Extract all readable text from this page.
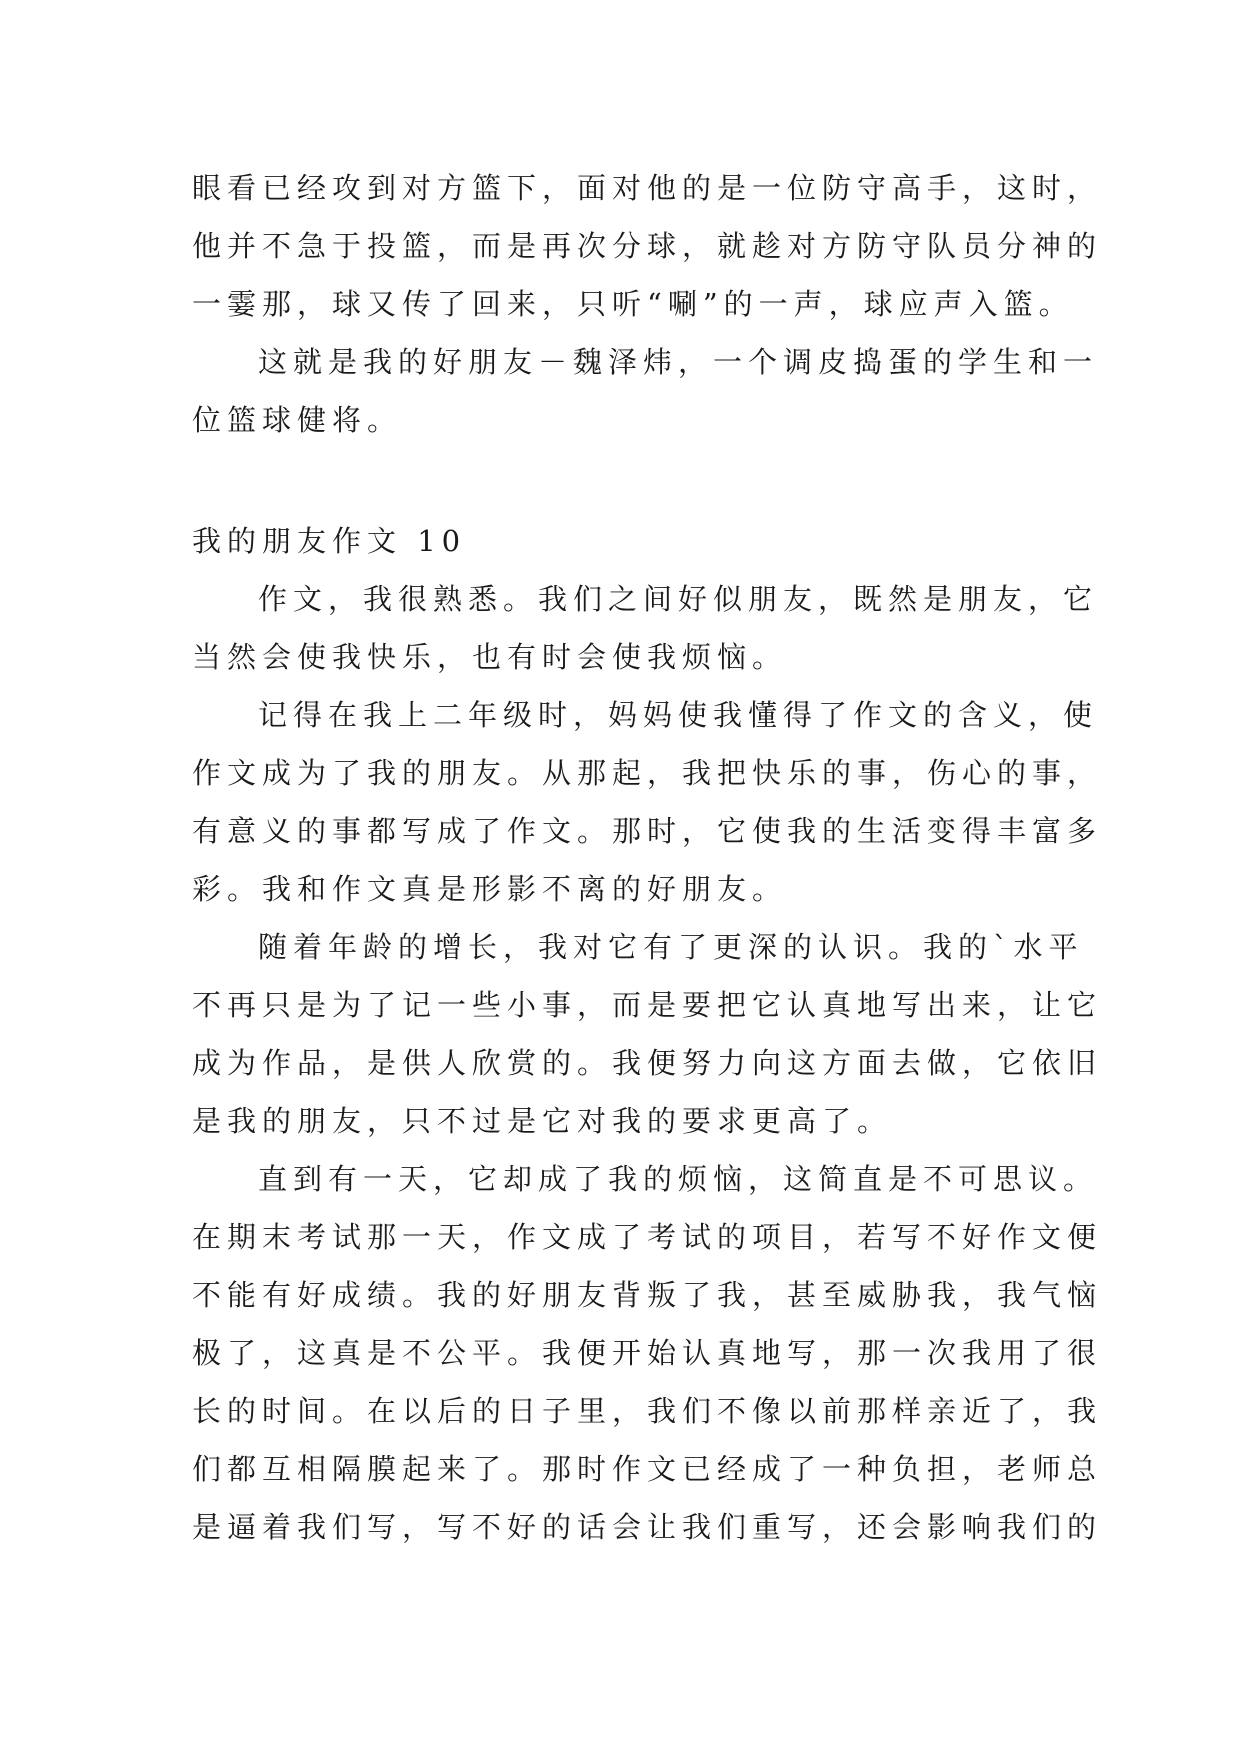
眼看已经攻到对方篮下，面对他的是一位防守高手，这时，
他并不急于投篮，而是再次分球，就趁对方防守队员分神的
一霎那，球又传了回来，只听“唰”的一声，球应声入篮。
这就是我的好朋友－魏泽炜，一个调皮捣蛋的学生和一
位篮球健将。
我的朋友作文 10
作文，我很熟悉。我们之间好似朋友，既然是朋友，它
当然会使我快乐，也有时会使我烦恼。
记得在我上二年级时，妈妈使我懂得了作文的含义，使
作文成为了我的朋友。从那起，我把快乐的事，伤心的事，
有意义的事都写成了作文。那时，它使我的生活变得丰富多
彩。我和作文真是形影不离的好朋友。
随着年龄的增长，我对它有了更深的认识。我的`水平
不再只是为了记一些小事，而是要把它认真地写出来，让它
成为作品，是供人欣赏的。我便努力向这方面去做，它依旧
是我的朋友，只不过是它对我的要求更高了。
直到有一天，它却成了我的烦恼，这简直是不可思议。
在期末考试那一天，作文成了考试的项目，若写不好作文便
不能有好成绩。我的好朋友背叛了我，甚至威胁我，我气恼
极了，这真是不公平。我便开始认真地写，那一次我用了很
长的时间。在以后的日子里，我们不像以前那样亲近了，我
们都互相隔膜起来了。那时作文已经成了一种负担，老师总
是逼着我们写，写不好的话会让我们重写，还会影响我们的
